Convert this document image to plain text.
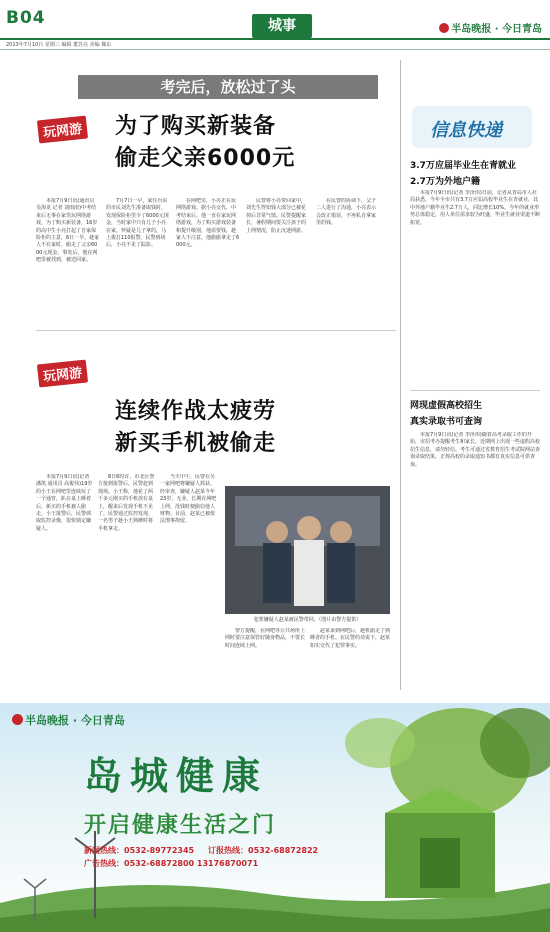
B04	城事	半岛晚报 · 今日青岛
2013年7月10日 星期三 编辑 董苏亮 美编 佩东
考完后，放松过了头
玩网游 为了购买新装备
偷走父亲6000元

本报7月9日讯(通讯员 吴海龙 记者 刘雨雨)中考结束后无事在家里玩网络游戏，为了购买新装备，16岁的高中生小亮打起了自家保险柜的主意，6日一早，趁家人不在家时，偷走了父亲6000元现金。事发后，他在网吧里被找到，被送回家。

7月7日一早，家住台东的市民刘先生准备取钱时，发现保险柜里少了6000元现金，当时家中只有儿子小亮在家，怀疑是儿子拿的，马上拨打110报警。民警到场后，小亮不见了踪影。

在网吧里，小亮正在玩网络游戏。据小亮交代，中考结束后，他一直在家玩网络游戏，为了购买游戏装备和提升级别，他需要钱。趁家人不注意，他偷偷拿走了6000元。

民警将小亮带回家中，刘先生得知钱大部分已被花掉后非常气愤。民警提醒家长，暑假期间要关注孩子的上网情况，防止沉迷网游。

在民警的协调下，父子二人进行了沟通，小亮表示会改正错误，不再私自拿家里的钱。

玩网游
连续作战太疲劳
新买手机被偷走

本报7月9日讯(记者 潘凯 通讯员 高俊伟)19岁的小王在网吧里连续玩了一个通宵，趴在桌上睡着后，新买的手机被人偷走。小王报警后，民警调取监控录像，很快锁定嫌疑人。

8日6时许，市北区警方接到报警后，民警赶到现场。小王称，他花了两千多元刚买的手机放在桌上，醒来后发现手机不见了。民警通过监控发现，一名男子趁小王熟睡时将手机拿走。

当天中午，民警在另一家网吧将嫌疑人抓获。经审查，嫌疑人赵某今年23岁，无业，长期在网吧上网，没钱时便偷窃他人财物。目前，赵某已被依法刑事拘留。

犯罪嫌疑人赵某被民警带回。（图片由警方提供）

警方提醒，在网吧等公共场所上网时要注意保管好随身物品，不要长时间连续上网。

赵某来到网吧后，趁机偷走了熟睡者的手机。在民警的劝说下，赵某如实交代了犯罪事实。

信息快递
3.7万应届毕业生在青就业
2.7万为外地户籍

本报7月9日讯(记者 李泽伟)日前，记者从青岛市人社局获悉，今年全市共有3.7万应届高校毕业生在青就业，其中外地户籍毕业生2.7万人，同比增长10%。今年的就业形势总体稳定，用人单位需求较为旺盛，毕业生就业渠道不断拓宽。

网现虚假高校招生
真实录取书可查询

本报7月9日讯(记者 李泽伟)随着高考录取工作的开始，市招考办提醒考生和家长，近期网上出现一些虚假高校招生信息，请勿轻信。考生可通过省教育招生考试院网站查询录取结果，正规高校的录取通知书都有真实信息可供查询。

半岛晚报 · 今日青岛
岛城健康
开启健康生活之门
新闻热线：0532-89772345 订报热线：0532-68872822
广告热线：0532-68872800 13176870071
